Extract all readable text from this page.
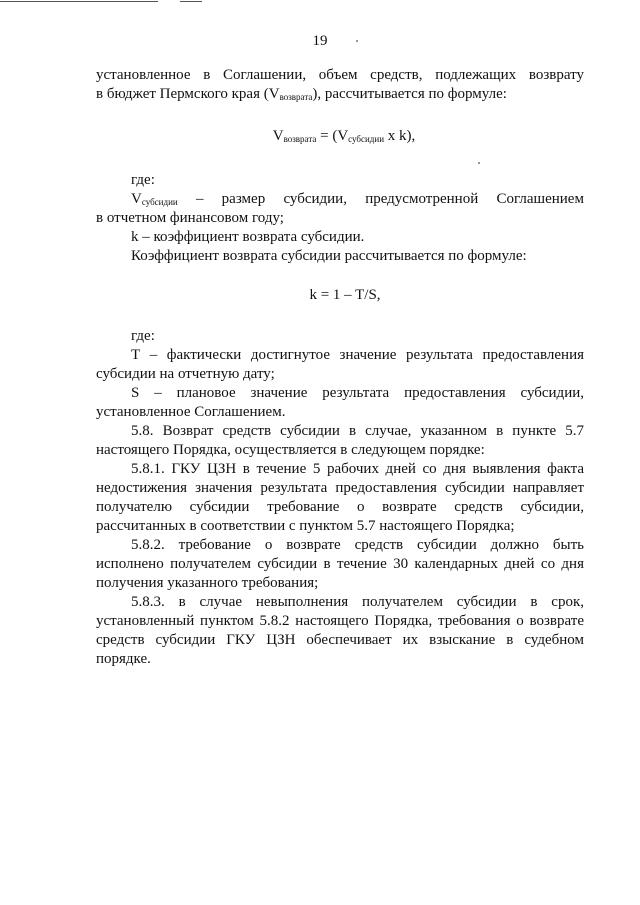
19

установленное в Соглашении, объем средств, подлежащих возврату

в бюджет Пермского края $(V_{возврата})$, рассчитывается по формуле:

$V_{возврата} = (V_{субсидии}$ х k),

где:

$V_{субсидии}$ – размер субсидии, предусмотренной Соглашением

в отчетном финансовом году;

k – коэффициент возврата субсидии.

Коэффициент возврата субсидии рассчитывается по формуле:

k = 1 – T/S,

где:

Т – фактически достигнутое значение результата предоставления субсидии на отчетную дату;

S – плановое значение результата предоставления субсидии, установленное Соглашением.

5.8. Возврат средств субсидии в случае, указанном в пункте 5.7 настоящего Порядка, осуществляется в следующем порядке:

5.8.1. ГКУ ЦЗН в течение 5 рабочих дней со дня выявления факта недостижения значения результата предоставления субсидии направляет получателю субсидии требование о возврате средств субсидии, рассчитанных в соответствии с пунктом 5.7 настоящего Порядка;

5.8.2. требование о возврате средств субсидии должно быть исполнено получателем субсидии в течение 30 календарных дней со дня получения указанного требования;

5.8.3. в случае невыполнения получателем субсидии в срок, установленный пунктом 5.8.2 настоящего Порядка, требования о возврате средств субсидии ГКУ ЦЗН обеспечивает их взыскание в судебном порядке.
